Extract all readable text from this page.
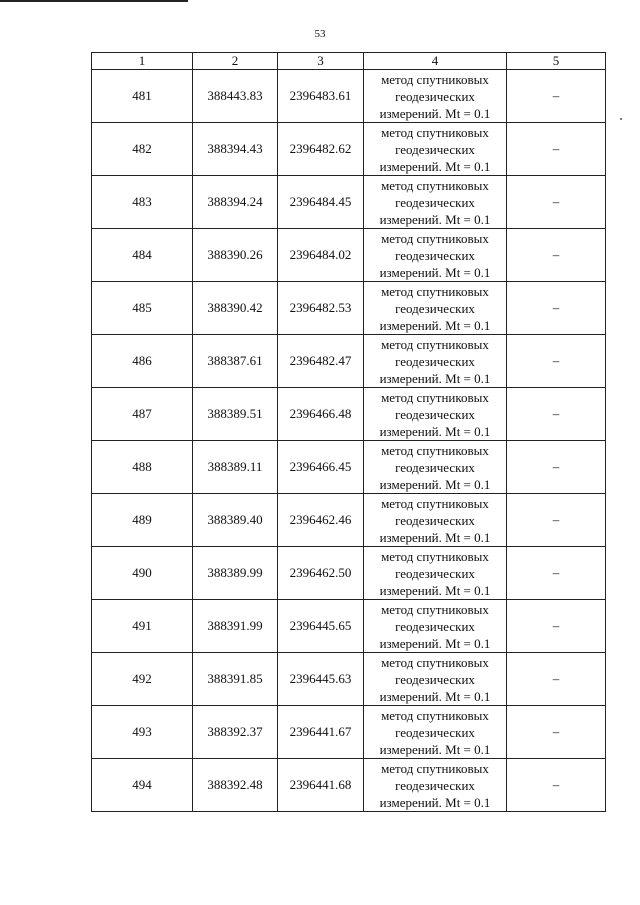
53
1	2	3	4	5
481	388443.83	2396483.61	метод спутниковых
геодезических
измерений. Mt = 0.1	–
482	388394.43	2396482.62	метод спутниковых
геодезических
измерений. Mt = 0.1	–
483	388394.24	2396484.45	метод спутниковых
геодезических
измерений. Mt = 0.1	–
484	388390.26	2396484.02	метод спутниковых
геодезических
измерений. Mt = 0.1	–
485	388390.42	2396482.53	метод спутниковых
геодезических
измерений. Mt = 0.1	–
486	388387.61	2396482.47	метод спутниковых
геодезических
измерений. Mt = 0.1	–
487	388389.51	2396466.48	метод спутниковых
геодезических
измерений. Mt = 0.1	–
488	388389.11	2396466.45	метод спутниковых
геодезических
измерений. Mt = 0.1	–
489	388389.40	2396462.46	метод спутниковых
геодезических
измерений. Mt = 0.1	–
490	388389.99	2396462.50	метод спутниковых
геодезических
измерений. Mt = 0.1	–
491	388391.99	2396445.65	метод спутниковых
геодезических
измерений. Mt = 0.1	–
492	388391.85	2396445.63	метод спутниковых
геодезических
измерений. Mt = 0.1	–
493	388392.37	2396441.67	метод спутниковых
геодезических
измерений. Mt = 0.1	–
494	388392.48	2396441.68	метод спутниковых
геодезических
измерений. Mt = 0.1	–
